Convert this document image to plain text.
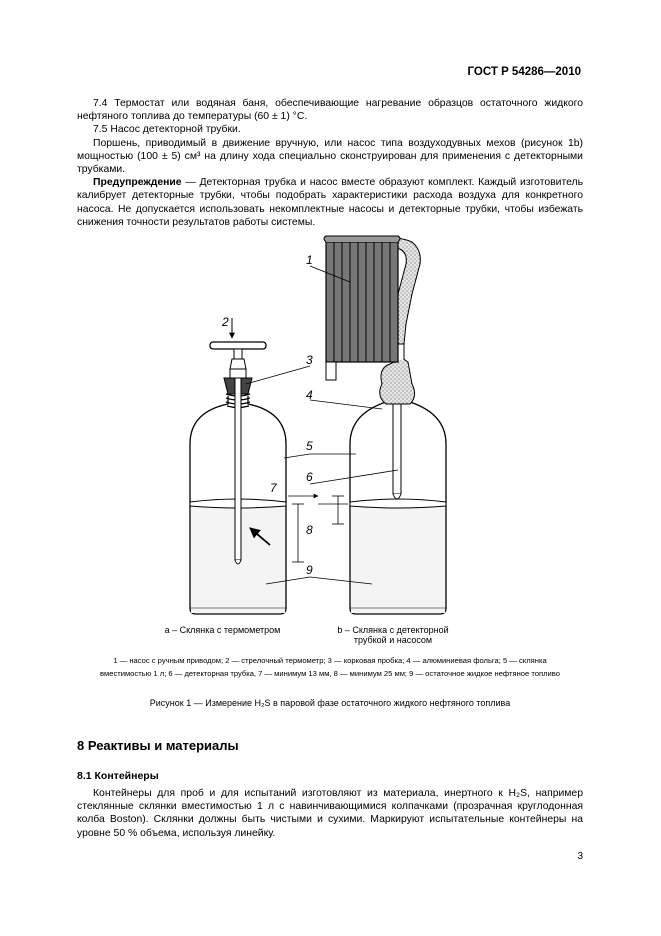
ГОСТ Р 54286—2010

7.4 Термостат или водяная баня, обеспечивающие нагревание образцов остаточного жидкого нефтяного топлива до температуры (60 ± 1) °C.

7.5 Насос детекторной трубки.

Поршень, приводимый в движение вручную, или насос типа воздуходувных мехов (рисунок 1b) мощностью (100 ± 5) см³ на длину хода специально сконструирован для применения с детекторными трубками.

Предупреждение — Детекторная трубка и насос вместе образуют комплект. Каждый изготовитель калибрует детекторные трубки, чтобы подобрать характеристики расхода воздуха для конкретного насоса. Не допускается использовать некомплектные насосы и детекторные трубки, чтобы избежать снижения точности результатов работы системы.

1
2
3
4
5
6
7
8
9
a – Склянка с термометром	b – Склянка с детекторной
трубкой и насосом
1 — насос с ручным приводом; 2 — стрелочный термометр; 3 — корковая пробка; 4 — алюминиевая фольга; 5 — склянка вместимостью 1 л; 6 — детекторная трубка, 7 — минимум 13 мм, 8 — минимум 25 мм; 9 — остаточное жидкое нефтяное топливо
Рисунок 1 — Измерение H₂S в паровой фазе остаточного жидкого нефтяного топлива
8 Реактивы и материалы
8.1 Контейнеры

Контейнеры для проб и для испытаний изготовляют из материала, инертного к H₂S, например стеклянные склянки вместимостью 1 л с навинчивающимися колпачками (прозрачная круглодонная колба Boston). Склянки должны быть чистыми и сухими. Маркируют испытательные контейнеры на уровне 50 % объема, используя линейку.

3
